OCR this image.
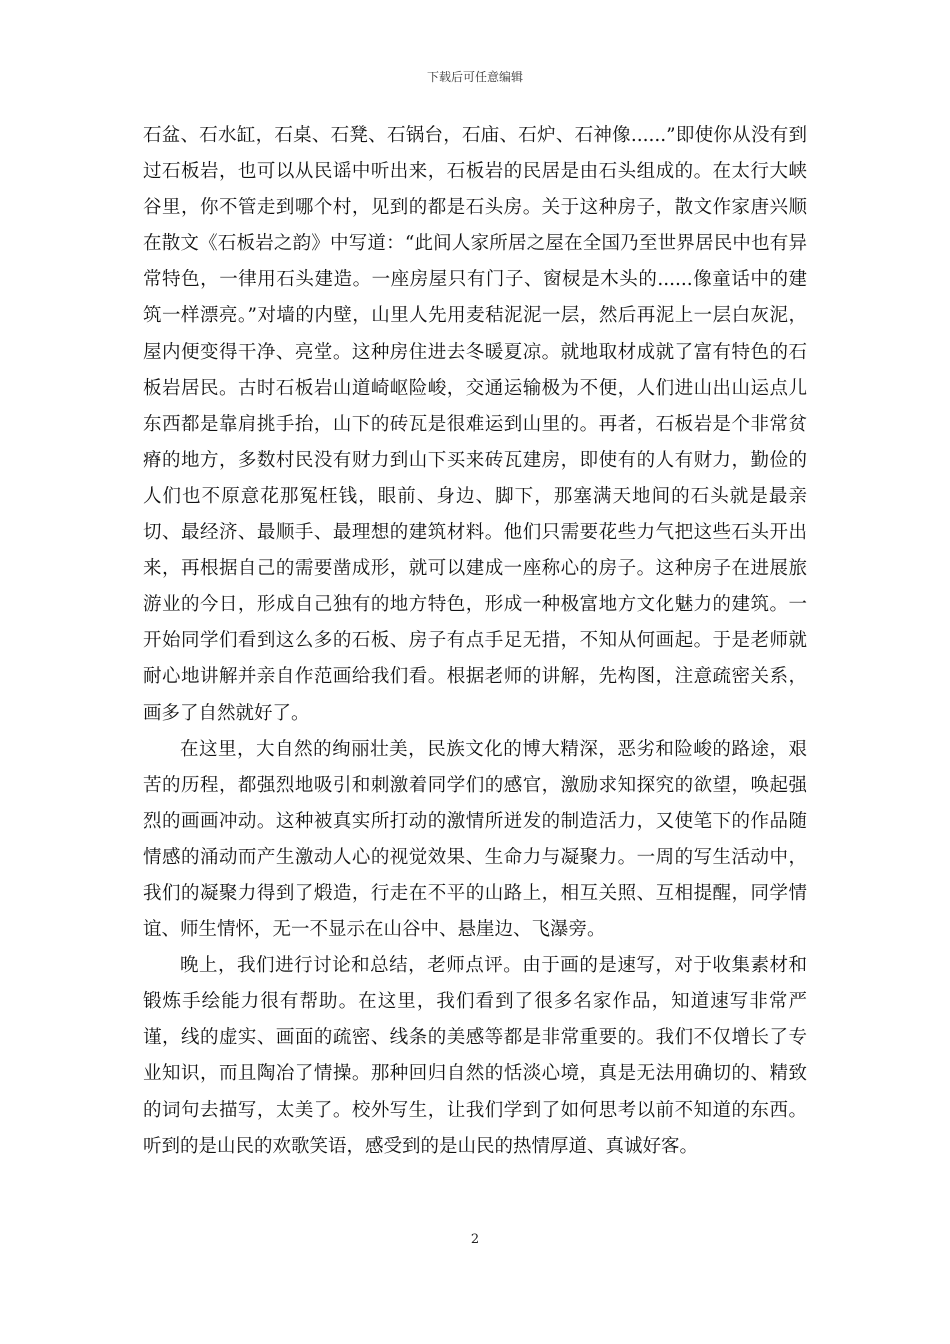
下载后可任意编辑

石盆、石水缸，石桌、石凳、石锅台，石庙、石炉、石神像......”即使你从没有到过石板岩，也可以从民谣中听出来，石板岩的民居是由石头组成的。在太行大峡谷里，你不管走到哪个村，见到的都是石头房。关于这种房子，散文作家唐兴顺在散文《石板岩之韵》中写道：“此间人家所居之屋在全国乃至世界居民中也有异常特色，一律用石头建造。一座房屋只有门子、窗棂是木头的......像童话中的建筑一样漂亮。”对墙的内壁，山里人先用麦秸泥泥一层，然后再泥上一层白灰泥，屋内便变得干净、亮堂。这种房住进去冬暖夏凉。就地取材成就了富有特色的石板岩居民。古时石板岩山道崎岖险峻，交通运输极为不便，人们进山出山运点儿东西都是靠肩挑手抬，山下的砖瓦是很难运到山里的。再者，石板岩是个非常贫瘠的地方，多数村民没有财力到山下买来砖瓦建房，即使有的人有财力，勤俭的人们也不原意花那冤枉钱，眼前、身边、脚下，那塞满天地间的石头就是最亲切、最经济、最顺手、最理想的建筑材料。他们只需要花些力气把这些石头开出来，再根据自己的需要凿成形，就可以建成一座称心的房子。这种房子在进展旅游业的今日，形成自己独有的地方特色，形成一种极富地方文化魅力的建筑。一开始同学们看到这么多的石板、房子有点手足无措，不知从何画起。于是老师就耐心地讲解并亲自作范画给我们看。根据老师的讲解，先构图，注意疏密关系，画多了自然就好了。

在这里，大自然的绚丽壮美，民族文化的博大精深，恶劣和险峻的路途，艰苦的历程，都强烈地吸引和刺激着同学们的感官，激励求知探究的欲望，唤起强烈的画画冲动。这种被真实所打动的激情所迸发的制造活力，又使笔下的作品随情感的涌动而产生激动人心的视觉效果、生命力与凝聚力。一周的写生活动中，我们的凝聚力得到了煅造，行走在不平的山路上，相互关照、互相提醒，同学情谊、师生情怀，无一不显示在山谷中、悬崖边、飞瀑旁。

晚上，我们进行讨论和总结，老师点评。由于画的是速写，对于收集素材和锻炼手绘能力很有帮助。在这里，我们看到了很多名家作品，知道速写非常严谨，线的虚实、画面的疏密、线条的美感等都是非常重要的。我们不仅增长了专业知识，而且陶冶了情操。那种回归自然的恬淡心境，真是无法用确切的、精致的词句去描写，太美了。校外写生，让我们学到了如何思考以前不知道的东西。听到的是山民的欢歌笑语，感受到的是山民的热情厚道、真诚好客。

2
